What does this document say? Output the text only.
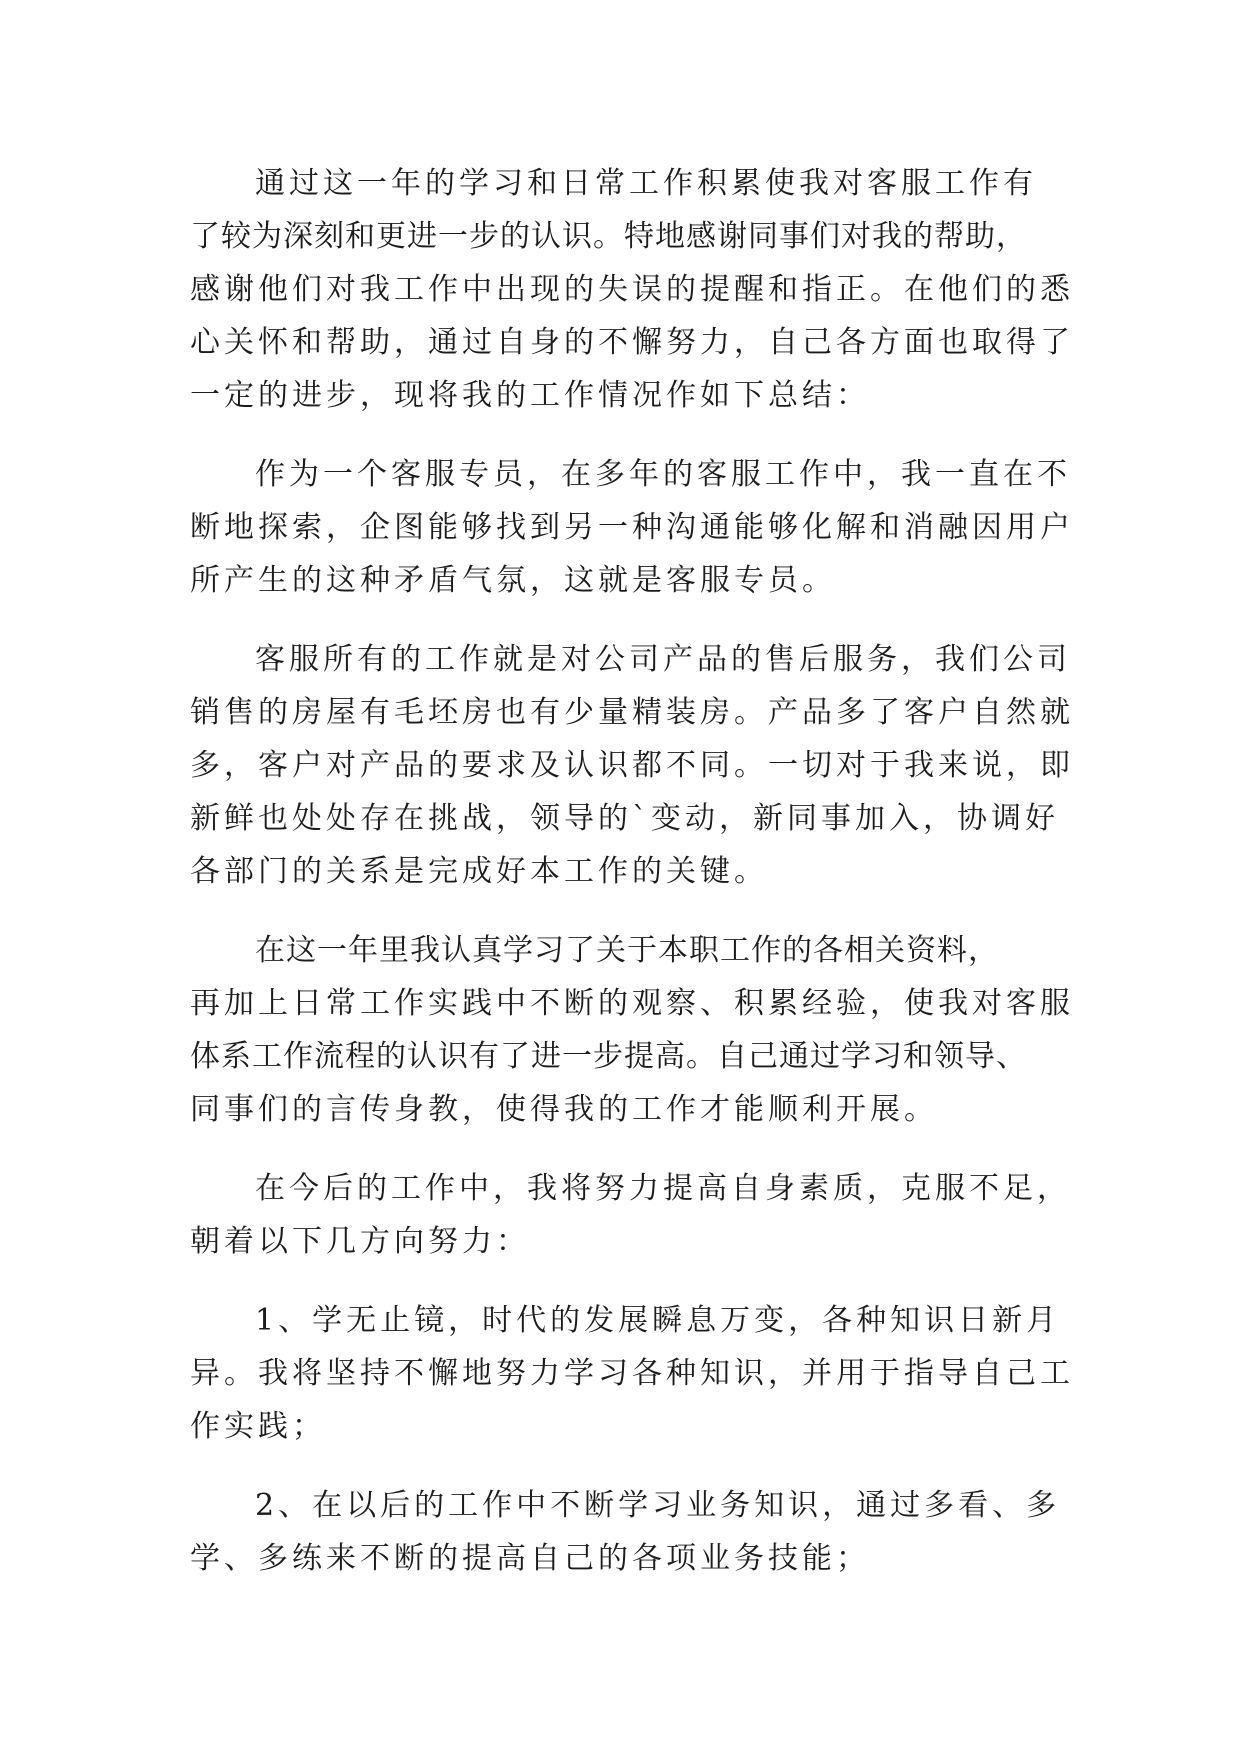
通过这一年的学习和日常工作积累使我对客服工作有
了较为深刻和更进一步的认识。特地感谢同事们对我的帮助，
感谢他们对我工作中出现的失误的提醒和指正。在他们的悉
心关怀和帮助，通过自身的不懈努力，自己各方面也取得了
一定的进步，现将我的工作情况作如下总结：
作为一个客服专员，在多年的客服工作中，我一直在不
断地探索，企图能够找到另一种沟通能够化解和消融因用户
所产生的这种矛盾气氛，这就是客服专员。
客服所有的工作就是对公司产品的售后服务，我们公司
销售的房屋有毛坯房也有少量精装房。产品多了客户自然就
多，客户对产品的要求及认识都不同。一切对于我来说，即
新鲜也处处存在挑战，领导的`变动，新同事加入，协调好
各部门的关系是完成好本工作的关键。
在这一年里我认真学习了关于本职工作的各相关资料，
再加上日常工作实践中不断的观察、积累经验，使我对客服
体系工作流程的认识有了进一步提高。自己通过学习和领导、
同事们的言传身教，使得我的工作才能顺利开展。
在今后的工作中，我将努力提高自身素质，克服不足，
朝着以下几方向努力：
1、学无止镜，时代的发展瞬息万变，各种知识日新月
异。我将坚持不懈地努力学习各种知识，并用于指导自己工
作实践；
2、在以后的工作中不断学习业务知识，通过多看、多
学、多练来不断的提高自己的各项业务技能；
